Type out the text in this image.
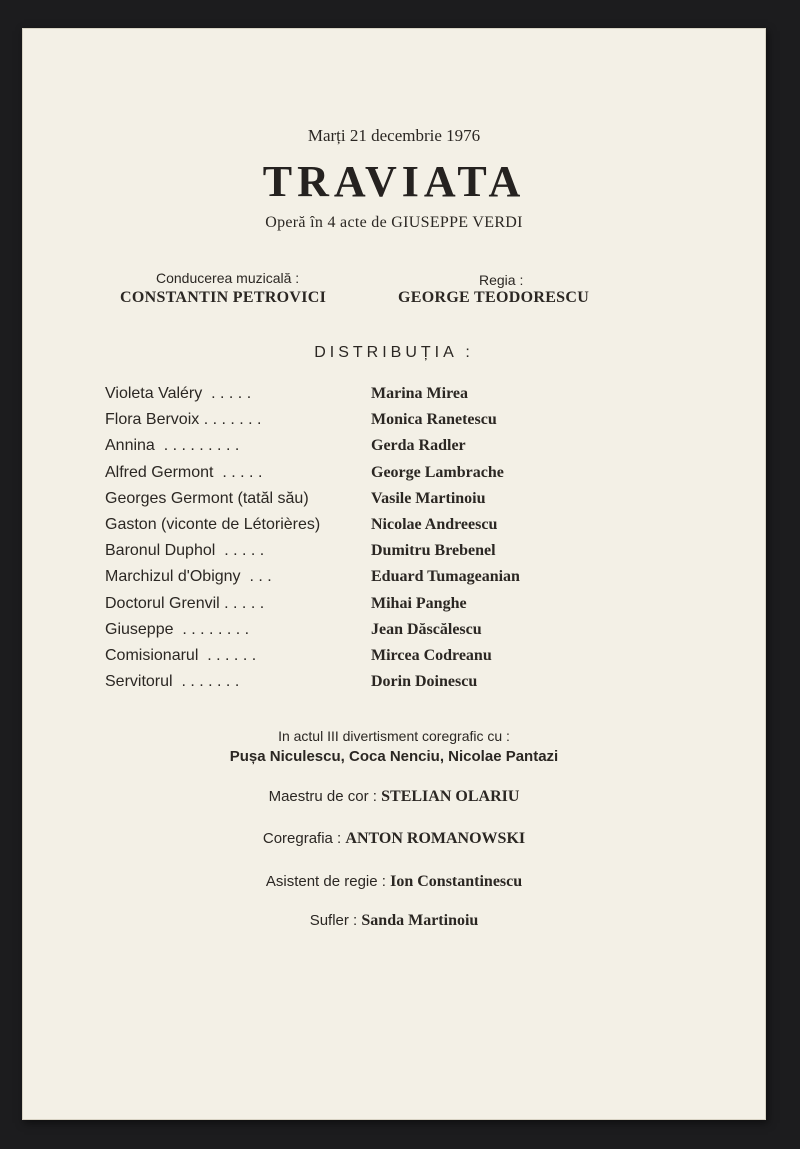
Marți 21 decembrie 1976
TRAVIATA
Operă în 4 acte de GIUSEPPE VERDI
Conducerea muzicală :
CONSTANTIN PETROVICI
Regia :
GEORGE TEODORESCU
DISTRIBUȚIA :
Violeta Valéry  . . . . .	Marina Mirea
Flora Bervoix . . . . . . .	Monica Ranetescu
Annina  . . . . . . . . .	Gerda Radler
Alfred Germont  . . . . .	George Lambrache
Georges Germont (tatăl său)	Vasile Martinoiu
Gaston (viconte de Létorières)	Nicolae Andreescu
Baronul Duphol  . . . . .	Dumitru Brebenel
Marchizul d'Obigny  . . .	Eduard Tumageanian
Doctorul Grenvil . . . . .	Mihai Panghe
Giuseppe  . . . . . . . .	Jean Dăscălescu
Comisionarul  . . . . . .	Mircea Codreanu
Servitorul  . . . . . . .	Dorin Doinescu
In actul III divertisment coregrafic cu :
Pușa Niculescu, Coca Nenciu, Nicolae Pantazi
Maestru de cor : STELIAN OLARIU
Coregrafia : ANTON ROMANOWSKI
Asistent de regie : Ion Constantinescu
Sufler : Sanda Martinoiu
